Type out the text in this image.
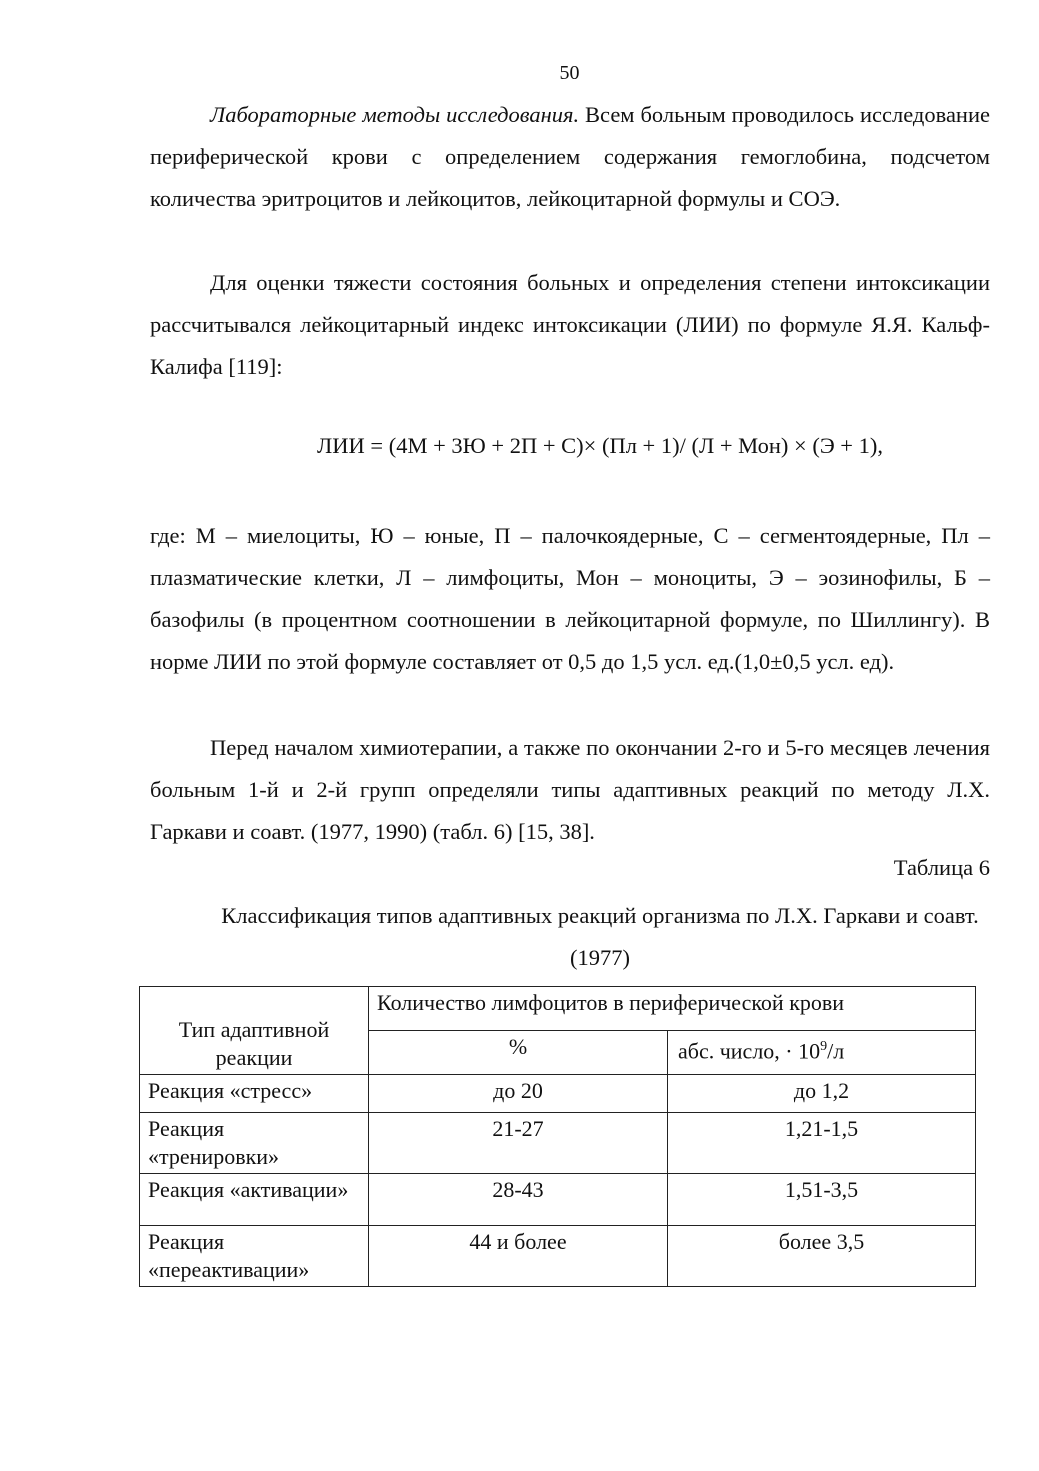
50

Лабораторные методы исследования. Всем больным проводилось исследование периферической крови с определением содержания гемоглобина, подсчетом количества эритроцитов и лейкоцитов, лейкоцитарной формулы и СОЭ.

Для оценки тяжести состояния больных и определения степени интоксикации рассчитывался лейкоцитарный индекс интоксикации (ЛИИ) по формуле Я.Я. Кальф-Калифа [119]:

ЛИИ = (4М + 3Ю + 2П + С)× (Пл + 1)/ (Л + Мон) × (Э + 1),

где: М – миелоциты, Ю – юные, П – палочкоядерные, С – сегментоядерные, Пл – плазматические клетки, Л – лимфоциты, Мон – моноциты, Э – эозинофилы, Б – базофилы (в процентном соотношении в лейкоцитарной формуле, по Шиллингу). В норме ЛИИ по этой формуле составляет от 0,5 до 1,5 усл. ед.(1,0±0,5 усл. ед).

Перед началом химиотерапии, а также по окончании 2-го и 5-го месяцев лечения больным 1-й и 2-й групп определяли типы адаптивных реакций по методу Л.Х. Гаркави и соавт. (1977, 1990) (табл. 6) [15, 38].

Таблица 6
Классификация типов адаптивных реакций организма по Л.Х. Гаркави и соавт. (1977)
Тип адаптивной реакции	Количество лимфоцитов в периферической крови	
	%	абс. число, · $10^9/л$
Реакция «стресс»	до 20	до 1,2
Реакция «тренировки»	21-27	1,21-1,5
Реакция «активации»	28-43	1,51-3,5
Реакция «переактивации»	44 и более	более 3,5
